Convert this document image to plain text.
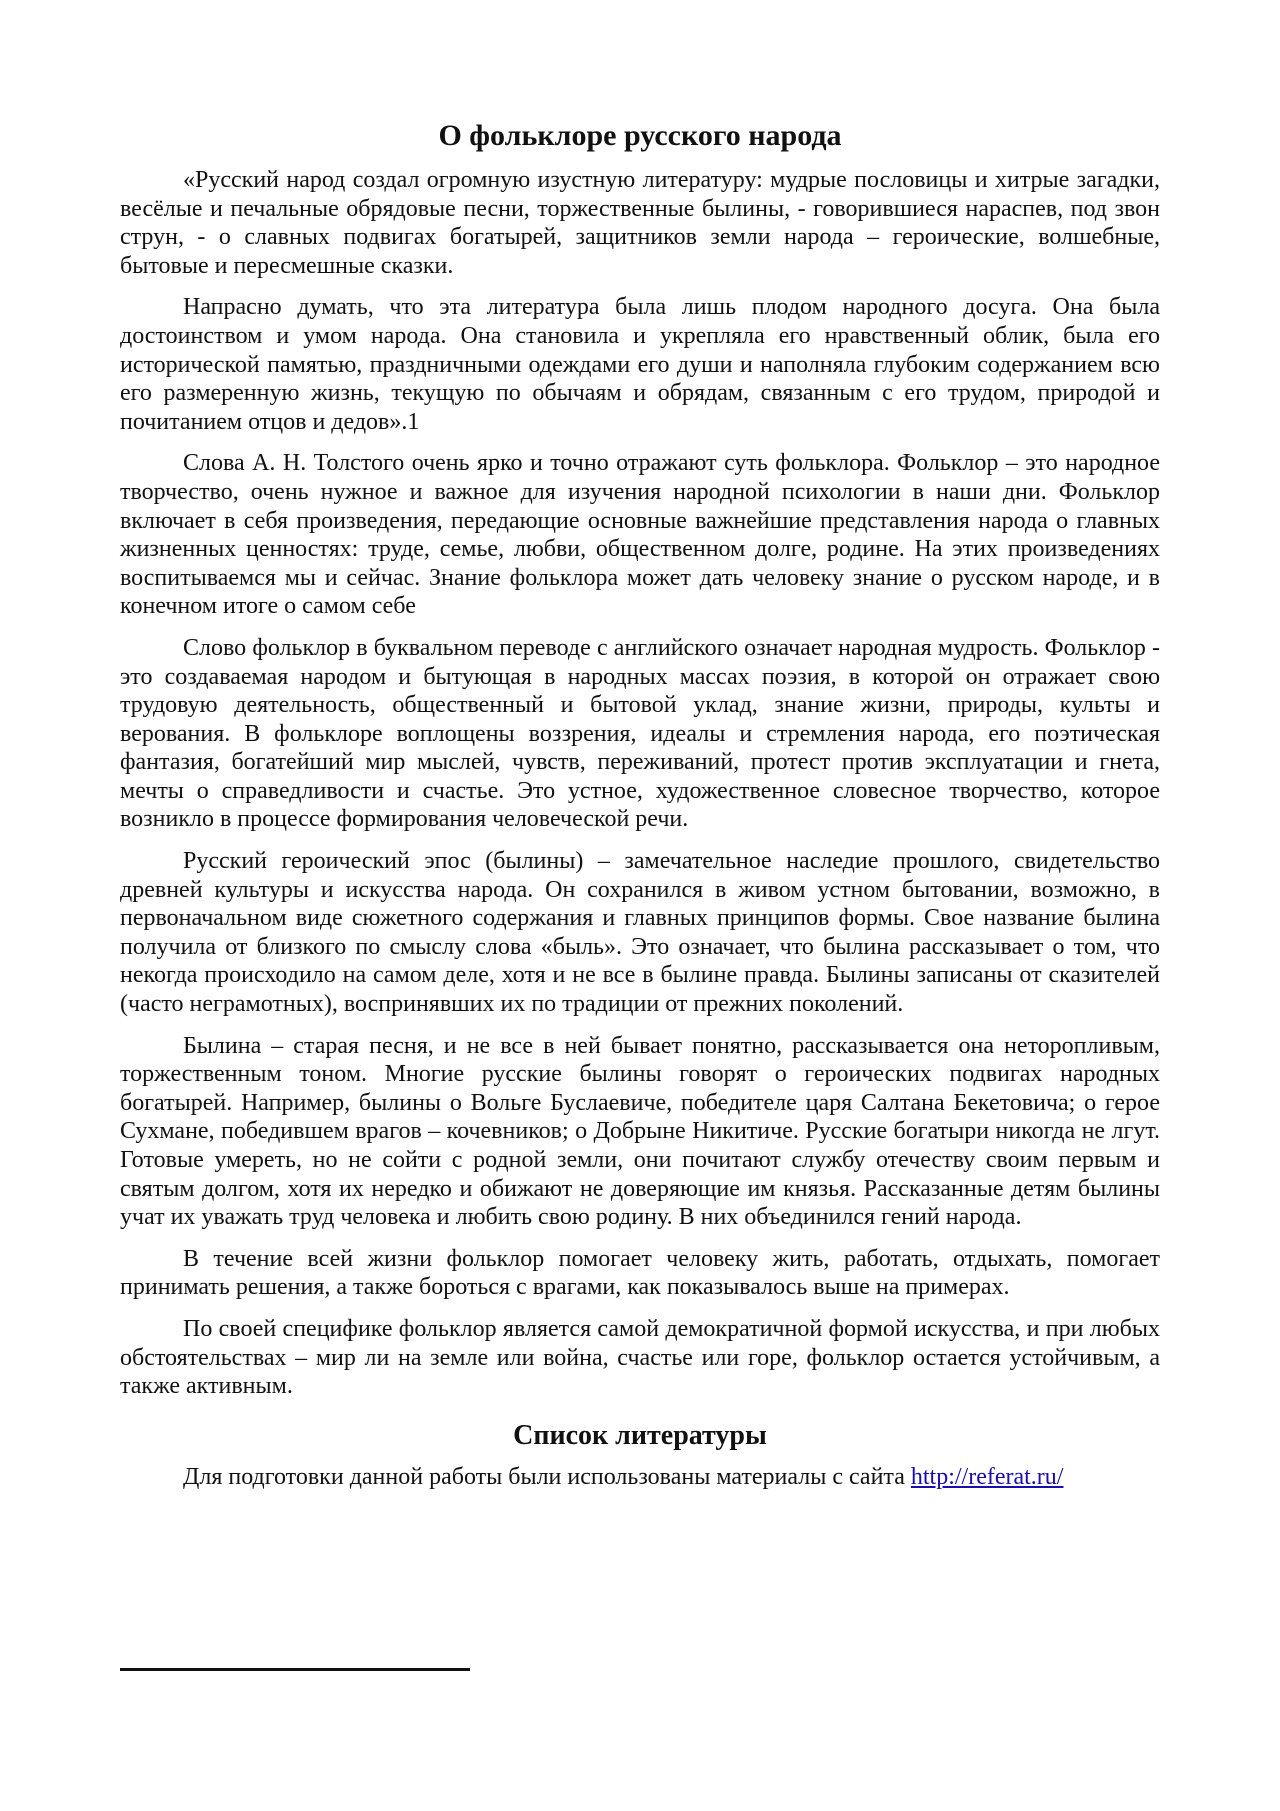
О фольклоре русского народа

«Русский народ создал огромную изустную литературу: мудрые пословицы и хитрые загадки, весёлые и печальные обрядовые песни, торжественные былины, - говорившиеся нараспев, под звон струн, - о славных подвигах богатырей, защитников земли народа – героические, волшебные, бытовые и пересмешные сказки.

Напрасно думать, что эта литература была лишь плодом народного досуга. Она была достоинством и умом народа. Она становила и укрепляла его нравственный облик, была его исторической памятью, праздничными одеждами его души и наполняла глубоким содержанием всю его размеренную жизнь, текущую по обычаям и обрядам, связанным с его трудом, природой и почитанием отцов и дедов».1

Слова А. Н. Толстого очень ярко и точно отражают суть фольклора. Фольклор – это народное творчество, очень нужное и важное для изучения народной психологии в наши дни. Фольклор включает в себя произведения, передающие основные важнейшие представления народа о главных жизненных ценностях: труде, семье, любви, общественном долге, родине. На этих произведениях воспитываемся мы и сейчас. Знание фольклора может дать человеку знание о русском народе, и в конечном итоге о самом себе

Слово фольклор в буквальном переводе с английского означает народная мудрость. Фольклор - это создаваемая народом и бытующая в народных массах поэзия, в которой он отражает свою трудовую деятельность, общественный и бытовой уклад, знание жизни, природы, культы и верования. В фольклоре воплощены воззрения, идеалы и стремления народа, его поэтическая фантазия, богатейший мир мыслей, чувств, переживаний, протест против эксплуатации и гнета, мечты о справедливости и счастье. Это устное, художественное словесное творчество, которое возникло в процессе формирования человеческой речи.

Русский героический эпос (былины) – замечательное наследие прошлого, свидетельство древней культуры и искусства народа. Он сохранился в живом устном бытовании, возможно, в первоначальном виде сюжетного содержания и главных принципов формы. Свое название былина получила от близкого по смыслу слова «быль». Это означает, что былина рассказывает о том, что некогда происходило на самом деле, хотя и не все в былине правда. Былины записаны от сказителей (часто неграмотных), воспринявших их по традиции от прежних поколений.

Былина – старая песня, и не все в ней бывает понятно, рассказывается она неторопливым, торжественным тоном. Многие русские былины говорят о героических подвигах народных богатырей. Например, былины о Вольге Буслаевиче, победителе царя Салтана Бекетовича; о герое Сухмане, победившем врагов – кочевников; о Добрыне Никитиче. Русские богатыри никогда не лгут. Готовые умереть, но не сойти с родной земли, они почитают службу отечеству своим первым и святым долгом, хотя их нередко и обижают не доверяющие им князья. Рассказанные детям былины учат их уважать труд человека и любить свою родину. В них объединился гений народа.

В течение всей жизни фольклор помогает человеку жить, работать, отдыхать, помогает принимать решения, а также бороться с врагами, как показывалось выше на примерах.

По своей специфике фольклор является самой демократичной формой искусства, и при любых обстоятельствах – мир ли на земле или война, счастье или горе, фольклор остается устойчивым, а также активным.

Список литературы

Для подготовки данной работы были использованы материалы с сайта http://referat.ru/
